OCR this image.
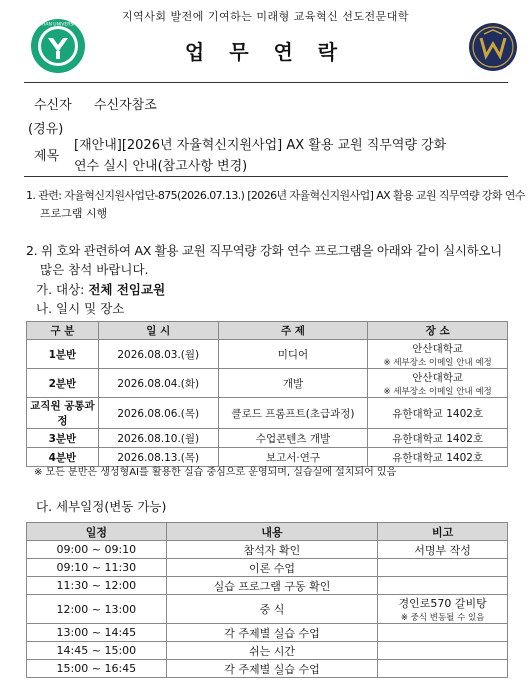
지역사회 발전에 기여하는 미래형 교육혁신 선도전문대학
업 무 연 락
YUHAN UNIVERSITY
수신자 수신자참조
(경유)
제목
[재안내][2026년 자율혁신지원사업] AX 활용 교원 직무역량 강화
연수 실시 안내(참고사항 변경)
1. 관련: 자율혁신지원사업단-875(2026.07.13.) [2026년 자율혁신지원사업] AX 활용 교원 직무역량 강화 연수
프로그램 시행
2. 위 호와 관련하여 AX 활용 교원 직무역량 강화 연수 프로그램을 아래와 같이 실시하오니
많은 참석 바랍니다.
가. 대상: 전체 전임교원
나. 일시 및 장소
구 분	일 시	주 제	장 소
1분반	2026.08.03.(월)	미디어	안산대학교
※ 세부장소 이메일 안내 예정

2분반	2026.08.04.(화)	개발	안산대학교
※ 세부장소 이메일 안내 예정

교직원 공통과정	2026.08.06.(목)	클로드 프롬프트(초급과정)	유한대학교 1402호
3분반	2026.08.10.(월)	수업콘텐츠 개발	유한대학교 1402호
4분반	2026.08.13.(목)	보고서·연구	유한대학교 1402호
※ 모든 분반은 생성형AI를 활용한 실습 중심으로 운영되며, 실습실에 설치되어 있음
다. 세부일정(변동 가능)
일정	내용	비고
09:00 ~ 09:10	참석자 확인	서명부 작성
09:10 ~ 11:30	이론 수업	
11:30 ~ 12:00	실습 프로그램 구동 확인	
12:00 ~ 13:00	중 식	경인로570 갈비탕
※ 중식 변동될 수 있음

13:00 ~ 14:45	각 주제별 실습 수업	
14:45 ~ 15:00	쉬는 시간	
15:00 ~ 16:45	각 주제별 실습 수업	
